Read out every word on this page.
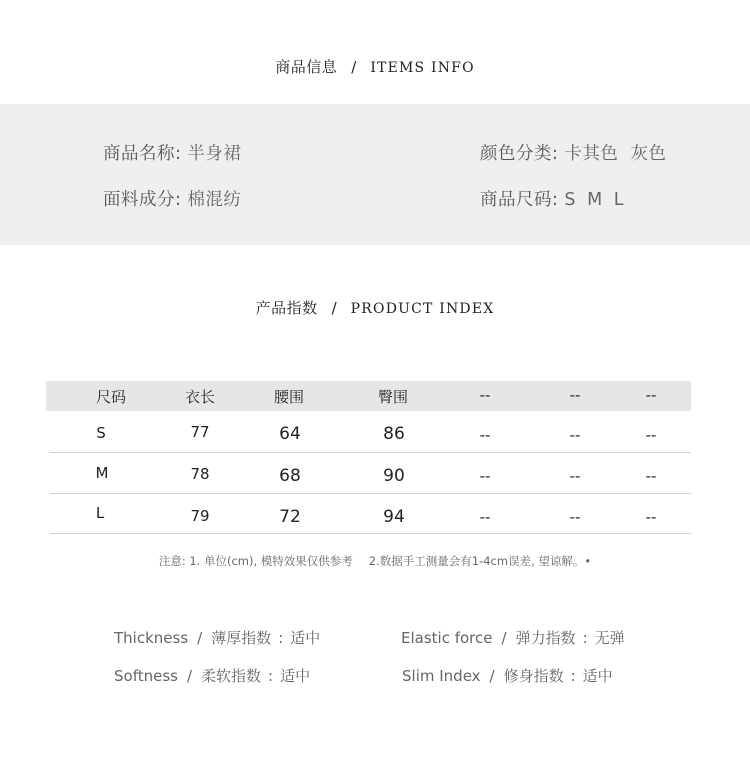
商品信息 / ITEMS INFO
商品名称: 半身裙	颜色分类: 卡其色  灰色
面料成分: 棉混纺	商品尺码: S M L
产品指数 / PRODUCT INDEX
尺码	衣长	腰围	臀围	--	--	--
S	77	64	86	--	--	--
M	78	68	90	--	--	--
L	79	72	94	--	--	--
注意: 1. 单位(cm), 模特效果仅供参考 2.数据手工测量会有1-4cm误差, 望谅解。•
Thickness / 薄厚指数 : 适中	Elastic force / 弹力指数 : 无弹
Softness / 柔软指数 : 适中	Slim Index / 修身指数 : 适中
